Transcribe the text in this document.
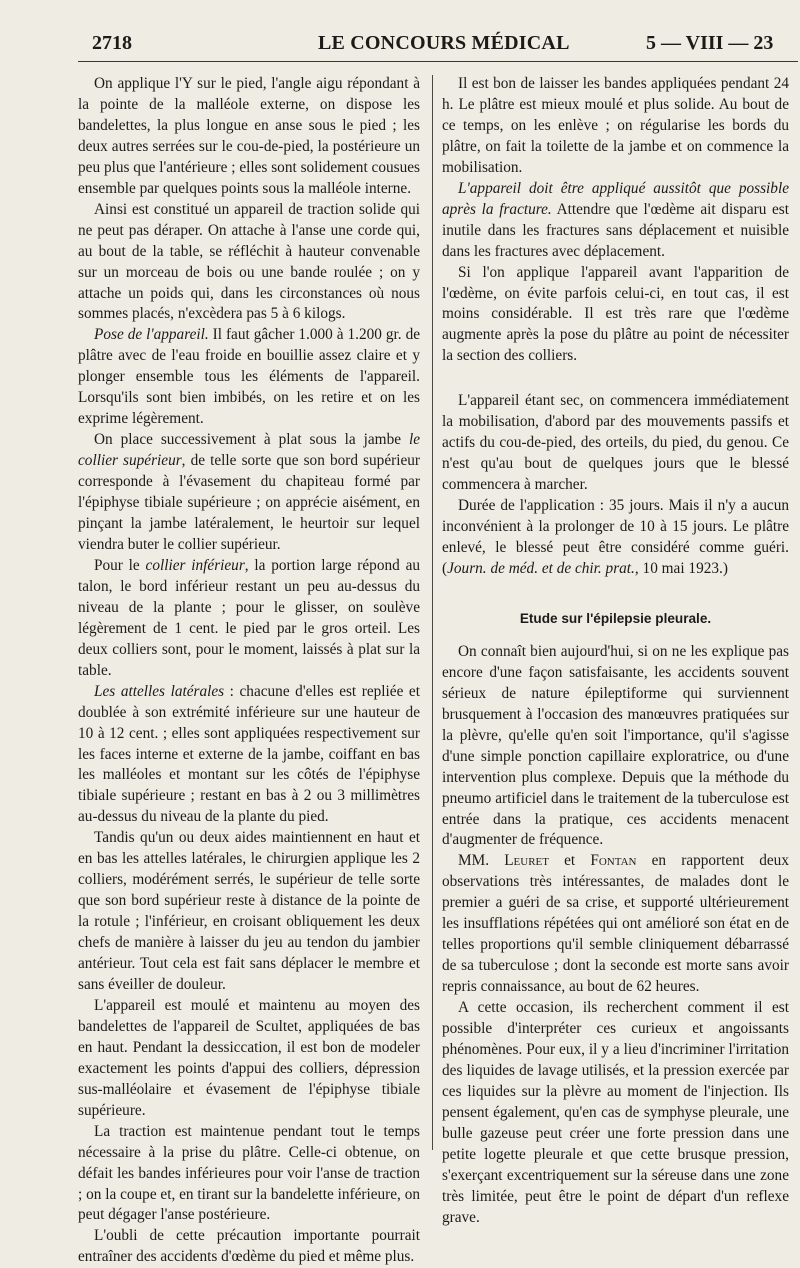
2718	LE CONCOURS MÉDICAL	5 — VIII — 23

On applique l'Y sur le pied, l'angle aigu répondant à la pointe de la malléole externe, on dispose les bandelettes, la plus longue en anse sous le pied ; les deux autres serrées sur le cou-de-pied, la postérieure un peu plus que l'antérieure ; elles sont solidement cousues ensemble par quelques points sous la malléole interne.

Ainsi est constitué un appareil de traction solide qui ne peut pas déraper. On attache à l'anse une corde qui, au bout de la table, se réfléchit à hauteur convenable sur un morceau de bois ou une bande roulée ; on y attache un poids qui, dans les circonstances où nous sommes placés, n'excèdera pas 5 à 6 kilogs.

Pose de l'appareil. Il faut gâcher 1.000 à 1.200 gr. de plâtre avec de l'eau froide en bouillie assez claire et y plonger ensemble tous les éléments de l'appareil. Lorsqu'ils sont bien imbibés, on les retire et on les exprime légèrement.

On place successivement à plat sous la jambe le collier supérieur, de telle sorte que son bord supérieur corresponde à l'évasement du chapiteau formé par l'épiphyse tibiale supérieure ; on apprécie aisément, en pinçant la jambe latéralement, le heurtoir sur lequel viendra buter le collier supérieur.

Pour le collier inférieur, la portion large répond au talon, le bord inférieur restant un peu au-dessus du niveau de la plante ; pour le glisser, on soulève légèrement de 1 cent. le pied par le gros orteil. Les deux colliers sont, pour le moment, laissés à plat sur la table.

Les attelles latérales : chacune d'elles est repliée et doublée à son extrémité inférieure sur une hauteur de 10 à 12 cent. ; elles sont appliquées respectivement sur les faces interne et externe de la jambe, coiffant en bas les malléoles et montant sur les côtés de l'épiphyse tibiale supérieure ; restant en bas à 2 ou 3 millimètres au-dessus du niveau de la plante du pied.

Tandis qu'un ou deux aides maintiennent en haut et en bas les attelles latérales, le chirurgien applique les 2 colliers, modérément serrés, le supérieur de telle sorte que son bord supérieur reste à distance de la pointe de la rotule ; l'inférieur, en croisant obliquement les deux chefs de manière à laisser du jeu au tendon du jambier antérieur. Tout cela est fait sans déplacer le membre et sans éveiller de douleur.

L'appareil est moulé et maintenu au moyen des bandelettes de l'appareil de Scultet, appliquées de bas en haut. Pendant la dessiccation, il est bon de modeler exactement les points d'appui des colliers, dépression sus-malléolaire et évasement de l'épiphyse tibiale supérieure.

La traction est maintenue pendant tout le temps nécessaire à la prise du plâtre. Celle-ci obtenue, on défait les bandes inférieures pour voir l'anse de traction ; on la coupe et, en tirant sur la bandelette inférieure, on peut dégager l'anse postérieure.

L'oubli de cette précaution importante pourrait entraîner des accidents d'œdème du pied et même plus.

Il est bon de laisser les bandes appliquées pendant 24 h. Le plâtre est mieux moulé et plus solide. Au bout de ce temps, on les enlève ; on régularise les bords du plâtre, on fait la toilette de la jambe et on commence la mobilisation.

L'appareil doit être appliqué aussitôt que possible après la fracture. Attendre que l'œdème ait disparu est inutile dans les fractures sans déplacement et nuisible dans les fractures avec déplacement.

Si l'on applique l'appareil avant l'apparition de l'œdème, on évite parfois celui-ci, en tout cas, il est moins considérable. Il est très rare que l'œdème augmente après la pose du plâtre au point de nécessiter la section des colliers.

L'appareil étant sec, on commencera immédiatement la mobilisation, d'abord par des mouvements passifs et actifs du cou-de-pied, des orteils, du pied, du genou. Ce n'est qu'au bout de quelques jours que le blessé commencera à marcher.

Durée de l'application : 35 jours. Mais il n'y a aucun inconvénient à la prolonger de 10 à 15 jours. Le plâtre enlevé, le blessé peut être considéré comme guéri. (Journ. de méd. et de chir. prat., 10 mai 1923.)

Etude sur l'épilepsie pleurale.

On connaît bien aujourd'hui, si on ne les explique pas encore d'une façon satisfaisante, les accidents souvent sérieux de nature épileptiforme qui surviennent brusquement à l'occasion des manœuvres pratiquées sur la plèvre, qu'elle qu'en soit l'importance, qu'il s'agisse d'une simple ponction capillaire exploratrice, ou d'une intervention plus complexe. Depuis que la méthode du pneumo artificiel dans le traitement de la tuberculose est entrée dans la pratique, ces accidents menacent d'augmenter de fréquence.

MM. Leuret et Fontan en rapportent deux observations très intéressantes, de malades dont le premier a guéri de sa crise, et supporté ultérieurement les insufflations répétées qui ont amélioré son état en de telles proportions qu'il semble cliniquement débarrassé de sa tuberculose ; dont la seconde est morte sans avoir repris connaissance, au bout de 62 heures.

A cette occasion, ils recherchent comment il est possible d'interpréter ces curieux et angoissants phénomènes. Pour eux, il y a lieu d'incriminer l'irritation des liquides de lavage utilisés, et la pression exercée par ces liquides sur la plèvre au moment de l'injection. Ils pensent également, qu'en cas de symphyse pleurale, une bulle gazeuse peut créer une forte pression dans une petite logette pleurale et que cette brusque pression, s'exerçant excentriquement sur la séreuse dans une zone très limitée, peut être le point de départ d'un reflexe grave.
